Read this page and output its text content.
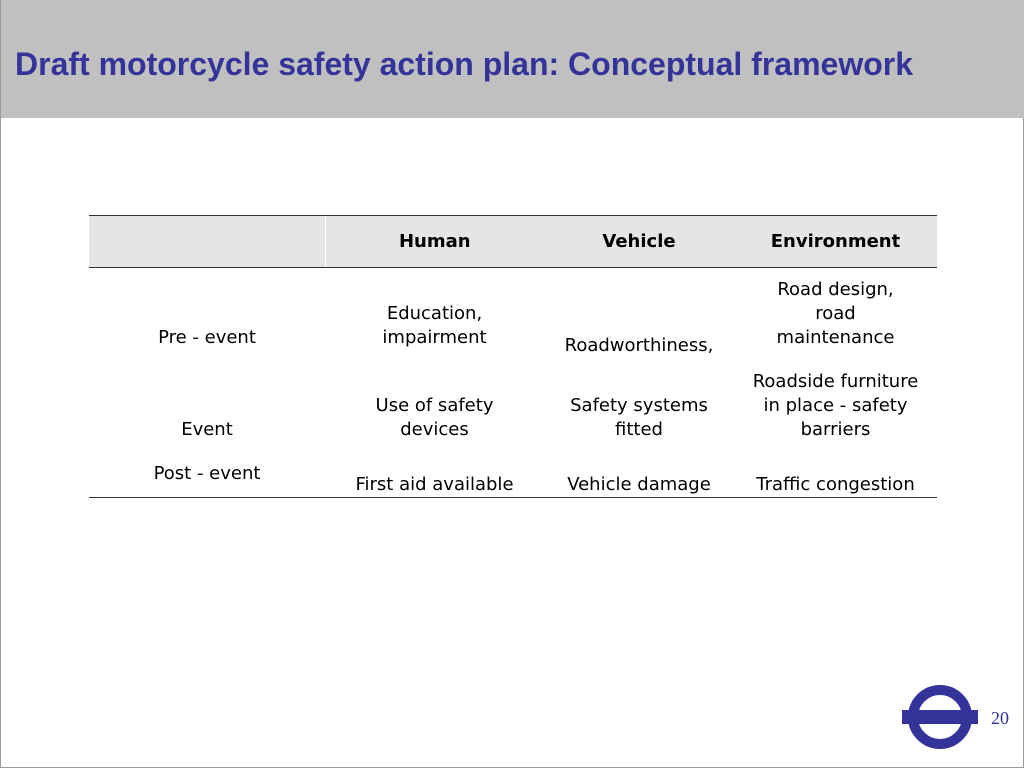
Draft motorcycle safety action plan: Conceptual framework
	Human	Vehicle	Environment
Pre - event	Education, impairment	Roadworthiness,	Road design, road maintenance
Event	Use of safety devices	Safety systems fitted	Roadside furniture in place - safety barriers
Post - event	First aid available	Vehicle damage	Traffic congestion
20
